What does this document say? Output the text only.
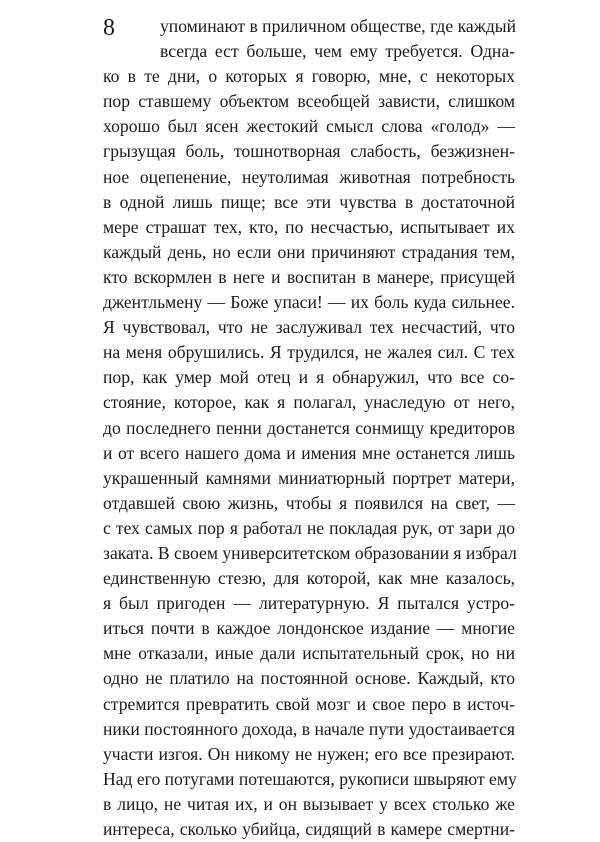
8	упоминают в приличном обществе, где каждый
всегда ест больше, чем ему требуется. Одна-
ко в те дни, о которых я говорю, мне, с некоторых
пор ставшему объектом всеобщей зависти, слишком
хорошо был ясен жестокий смысл слова «голод» —
грызущая боль, тошнотворная слабость, безжизнен-
ное оцепенение, неутолимая животная потребность
в одной лишь пище; все эти чувства в достаточной
мере страшат тех, кто, по несчастью, испытывает их
каждый день, но если они причиняют страдания тем,
кто вскормлен в неге и воспитан в манере, присущей
джентльмену — Боже упаси! — их боль куда сильнее.
Я чувствовал, что не заслуживал тех несчастий, что
на меня обрушились. Я трудился, не жалея сил. С тех
пор, как умер мой отец и я обнаружил, что все со-
стояние, которое, как я полагал, унаследую от него,
до последнего пенни достанется сонмищу кредиторов
и от всего нашего дома и имения мне останется лишь
украшенный камнями миниатюрный портрет матери,
отдавшей свою жизнь, чтобы я появился на свет, —
с тех самых пор я работал не покладая рук, от зари до
заката. В своем университетском образовании я избрал
единственную стезю, для которой, как мне казалось,
я был пригоден — литературную. Я пытался устро-
иться почти в каждое лондонское издание — многие
мне отказали, иные дали испытательный срок, но ни
одно не платило на постоянной основе. Каждый, кто
стремится превратить свой мозг и свое перо в источ-
ники постоянного дохода, в начале пути удостаивается
участи изгоя. Он никому не нужен; его все презирают.
Над его потугами потешаются, рукописи швыряют ему
в лицо, не читая их, и он вызывает у всех столько же
интереса, сколько убийца, сидящий в камере смертни-
